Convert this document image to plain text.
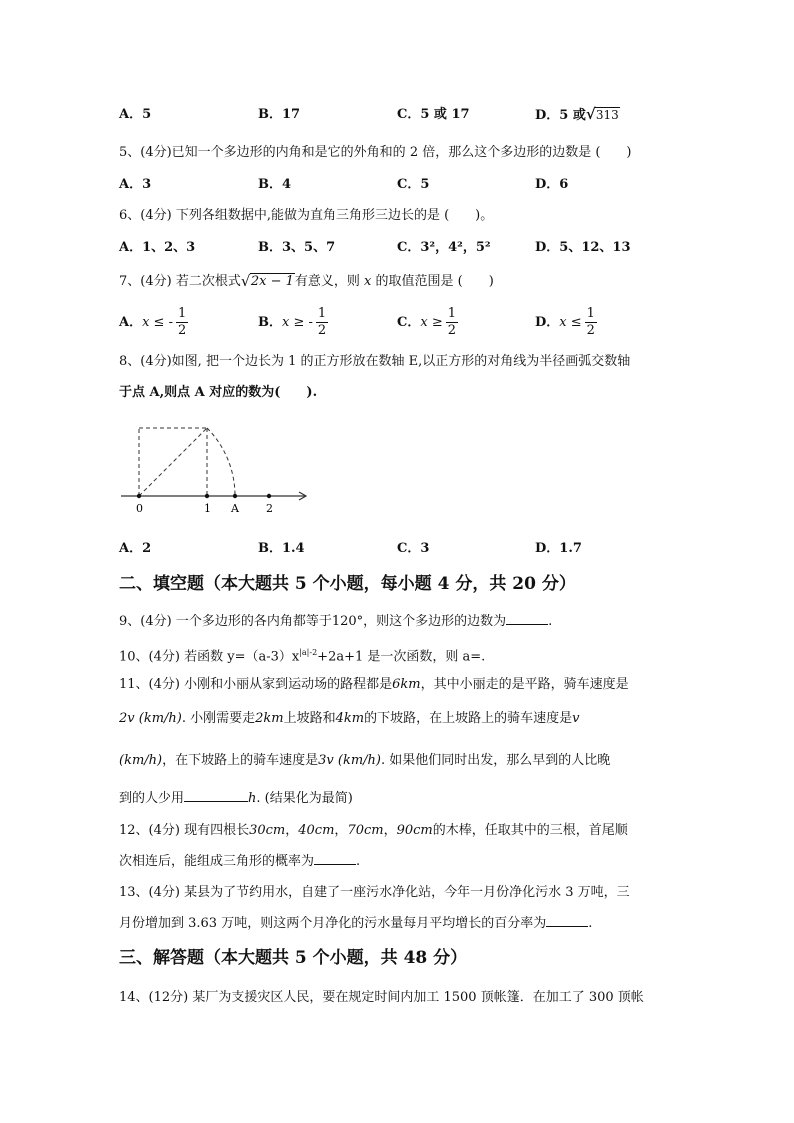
A．5	B．17	C．5 或 17	D．5 或 √ 313
5、(4分)已知一个多边形的内角和是它的外角和的 2 倍，那么这个多边形的边数是 (　　)
A．3	B．4	C．5	D．6
6、(4分) 下列各组数据中,能做为直角三角形三边长的是 (　　)。
A．1、2、3	B．3、5、7	C．3²，4²，5²	D．5、12、13
7、(4分) 若二次根式 √ 2x − 1有意义，则 x 的取值范围是 (　　)
A．x ≤ - $\frac{1}{2}$	B．x ≥ - $\frac{1}{2}$	C．$x \ge \frac{1}{2}$	D．$x \le \frac{1}{2}$
8、(4分)如图, 把一个边长为 1 的正方形放在数轴 E,以正方形的对角线为半径画弧交数轴
于点 A,则点 A 对应的数为(　　).
0	1 A 2
A．2	B．1.4	C．3	D．1.7
二、填空题（本大题共 5 个小题，每小题 4 分，共 20 分）
9、(4分) 一个多边形的各内角都等于120°，则这个多边形的边数为	.
10、(4分) 若函数 $y=(a-3)x^{|a|-2}+2a+1$ 是一次函数，则 a=.
11、(4分) 小刚和小丽从家到运动场的路程都是6km，其中小丽走的是平路，骑车速度是
2v (km/h). 小刚需要走2km上坡路和4km的下坡路，在上坡路上的骑车速度是v
(km/h)，在下坡路上的骑车速度是3v (km/h). 如果他们同时出发，那么早到的人比晚
到的人少用	h. (结果化为最简)
12、(4分) 现有四根长30cm，40cm，70cm，90cm的木棒，任取其中的三根，首尾顺
次相连后，能组成三角形的概率为	.
13、(4分) 某县为了节约用水，自建了一座污水净化站，今年一月份净化污水 3 万吨，三
月份增加到 3.63 万吨，则这两个月净化的污水量每月平均增长的百分率为	.
三、解答题（本大题共 5 个小题，共 48 分）
14、(12分) 某厂为支援灾区人民，要在规定时间内加工 1500 顶帐篷．在加工了 300 顶帐
